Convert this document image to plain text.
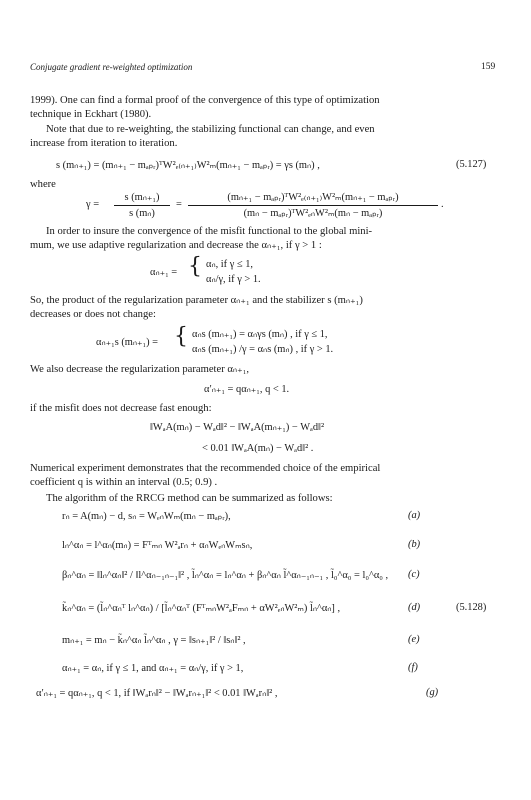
Conjugate gradient re-weighted optimization	159
1999). One can find a formal proof of the convergence of this type of optimization
technique in Eckhart (1980).
Note that due to re-weighting, the stabilizing functional can change, and even
increase from iteration to iteration.
s (mₙ₊₁) = (mₙ₊₁ − mₐₚᵣ)ᵀW²ₑ₍ₙ₊₁₎W²ₘ(mₙ₊₁ − mₐₚᵣ) = γs (mₙ) ,	(5.127)
where
γ =
s (mₙ₊₁)
s (mₙ)
=
(mₙ₊₁ − mₐₚᵣ)ᵀW²ₑ₍ₙ₊₁₎W²ₘ(mₙ₊₁ − mₐₚᵣ)
(mₙ − mₐₚᵣ)ᵀW²ₑₙW²ₘ(mₙ − mₐₚᵣ)
.
In order to insure the convergence of the misfit functional to the global mini-
mum, we use adaptive regularization and decrease the αₙ₊₁, if γ > 1 :
αₙ₊₁ = { αₙ, if γ ≤ 1,
αₙ/γ, if γ > 1.
So, the product of the regularization parameter αₙ₊₁ and the stabilizer s (mₙ₊₁)
decreases or does not change:
αₙ₊₁s (mₙ₊₁) = { αₙs (mₙ₊₁) = αₙγs (mₙ) , if γ ≤ 1,
αₙs (mₙ₊₁) /γ = αₙs (mₙ) , if γ > 1.
We also decrease the regularization parameter αₙ₊₁,
α′ₙ₊₁ = qαₙ₊₁, q < 1.
if the misfit does not decrease fast enough:
‖WₐA(mₙ) − Wₐd‖² − ‖WₐA(mₙ₊₁) − Wₐd‖²
< 0.01 ‖WₐA(mₙ) − Wₐd‖² .
Numerical experiment demonstrates that the recommended choice of the empirical
coefficient q is within an interval (0.5; 0.9) .
The algorithm of the RRCG method can be summarized as follows:
rₙ = A(mₙ) − d, sₙ = WₑₙWₘ(mₙ − mₐₚᵣ),	(a)
lₙ^αₙ = l^αₙ(mₙ) = Fᵀₘₙ W²ₐrₙ + αₙWₑₙWₘsₙ,	(b)
βₙ^αₙ = ‖lₙ^αₙ‖² / ‖l^αₙ₋₁ₙ₋₁‖² , l̃ₙ^αₙ = lₙ^αₙ + βₙ^αₙ l̃^αₙ₋₁ₙ₋₁ , l̃₀^α₀ = l₀^α₀ , (c)
k̃ₙ^αₙ = (l̃ₙ^αₙᵀ lₙ^αₙ) / [l̃ₙ^αₙᵀ (FᵀₘₙW²ₐFₘₙ + αW²ₑₙW²ₘ) l̃ₙ^αₙ] ,	(d)	(5.128)
mₙ₊₁ = mₙ − k̃ₙ^αₙ l̃ₙ^αₙ , γ = ‖sₙ₊₁‖² / ‖sₙ‖² ,	(e)
αₙ₊₁ = αₙ, if γ ≤ 1, and αₙ₊₁ = αₙ/γ, if γ > 1,	(f)
α′ₙ₊₁ = qαₙ₊₁, q < 1, if ‖Wₐrₙ‖² − ‖Wₐrₙ₊₁‖² < 0.01 ‖Wₐrₙ‖² ,	(g)
